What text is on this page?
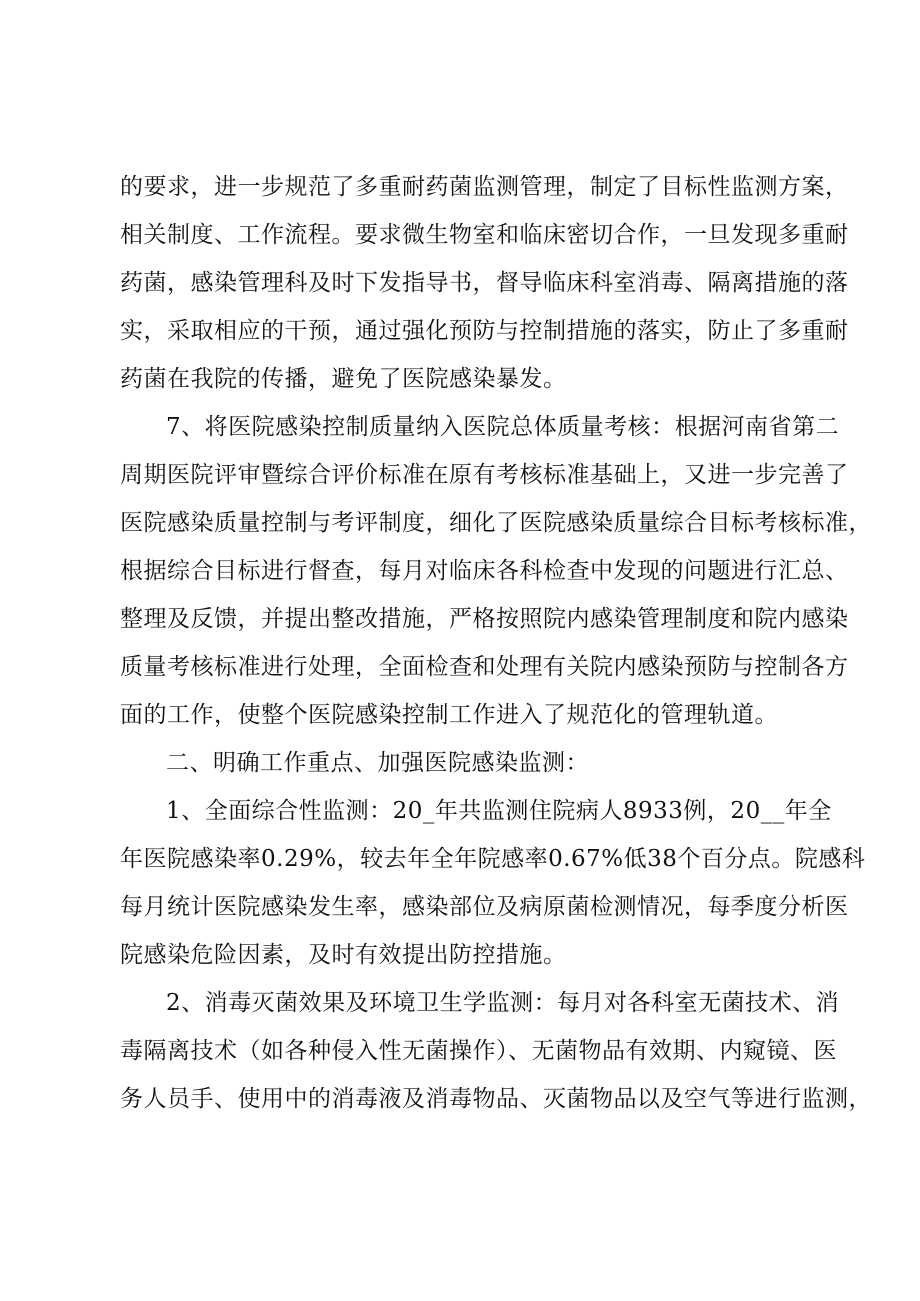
的要求，进一步规范了多重耐药菌监测管理，制定了目标性监测方案，
相关制度、工作流程。要求微生物室和临床密切合作，一旦发现多重耐
药菌，感染管理科及时下发指导书，督导临床科室消毒、隔离措施的落
实，采取相应的干预，通过强化预防与控制措施的落实，防止了多重耐
药菌在我院的传播，避免了医院感染暴发。
7、将医院感染控制质量纳入医院总体质量考核：根据河南省第二
周期医院评审暨综合评价标准在原有考核标准基础上，又进一步完善了
医院感染质量控制与考评制度，细化了医院感染质量综合目标考核标准，
根据综合目标进行督查，每月对临床各科检查中发现的问题进行汇总、
整理及反馈，并提出整改措施，严格按照院内感染管理制度和院内感染
质量考核标准进行处理，全面检查和处理有关院内感染预防与控制各方
面的工作，使整个医院感染控制工作进入了规范化的管理轨道。
二、明确工作重点、加强医院感染监测：
1、全面综合性监测：20_年共监测住院病人8933例，20__年全
年医院感染率0.29%，较去年全年院感率0.67%低38个百分点。院感科
每月统计医院感染发生率，感染部位及病原菌检测情况，每季度分析医
院感染危险因素，及时有效提出防控措施。
2、消毒灭菌效果及环境卫生学监测：每月对各科室无菌技术、消
毒隔离技术（如各种侵入性无菌操作）、无菌物品有效期、内窥镜、医
务人员手、使用中的消毒液及消毒物品、灭菌物品以及空气等进行监测，
